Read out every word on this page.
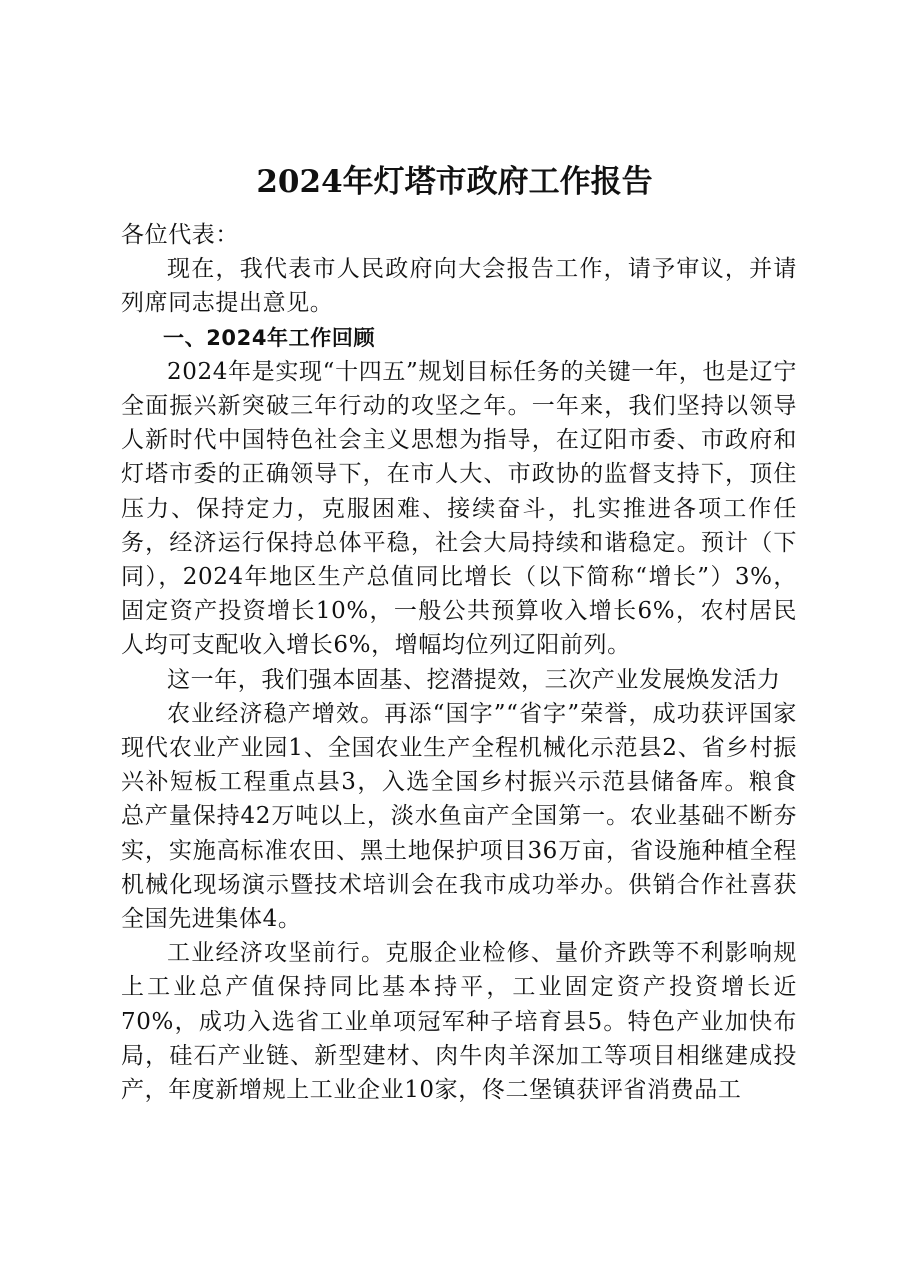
2024年灯塔市政府工作报告

各位代表：

现在，我代表市人民政府向大会报告工作，请予审议，并请列席同志提出意见。

一、2024年工作回顾

2024年是实现“十四五”规划目标任务的关键一年，也是辽宁全面振兴新突破三年行动的攻坚之年。一年来，我们坚持以领导人新时代中国特色社会主义思想为指导，在辽阳市委、市政府和灯塔市委的正确领导下，在市人大、市政协的监督支持下，顶住压力、保持定力，克服困难、接续奋斗，扎实推进各项工作任务，经济运行保持总体平稳，社会大局持续和谐稳定。预计（下同），2024年地区生产总值同比增长（以下简称“增长”）3%，固定资产投资增长10%，一般公共预算收入增长6%，农村居民人均可支配收入增长6%，增幅均位列辽阳前列。

这一年，我们强本固基、挖潜提效，三次产业发展焕发活力

农业经济稳产增效。再添“国字”“省字”荣誉，成功获评国家现代农业产业园1、全国农业生产全程机械化示范县2、省乡村振兴补短板工程重点县3，入选全国乡村振兴示范县储备库。粮食总产量保持42万吨以上，淡水鱼亩产全国第一。农业基础不断夯实，实施高标准农田、黑土地保护项目36万亩，省设施种植全程机械化现场演示暨技术培训会在我市成功举办。供销合作社喜获全国先进集体4。

工业经济攻坚前行。克服企业检修、量价齐跌等不利影响规上工业总产值保持同比基本持平，工业固定资产投资增长近70%，成功入选省工业单项冠军种子培育县5。特色产业加快布局，硅石产业链、新型建材、肉牛肉羊深加工等项目相继建成投产，年度新增规上工业企业10家，佟二堡镇获评省消费品工
